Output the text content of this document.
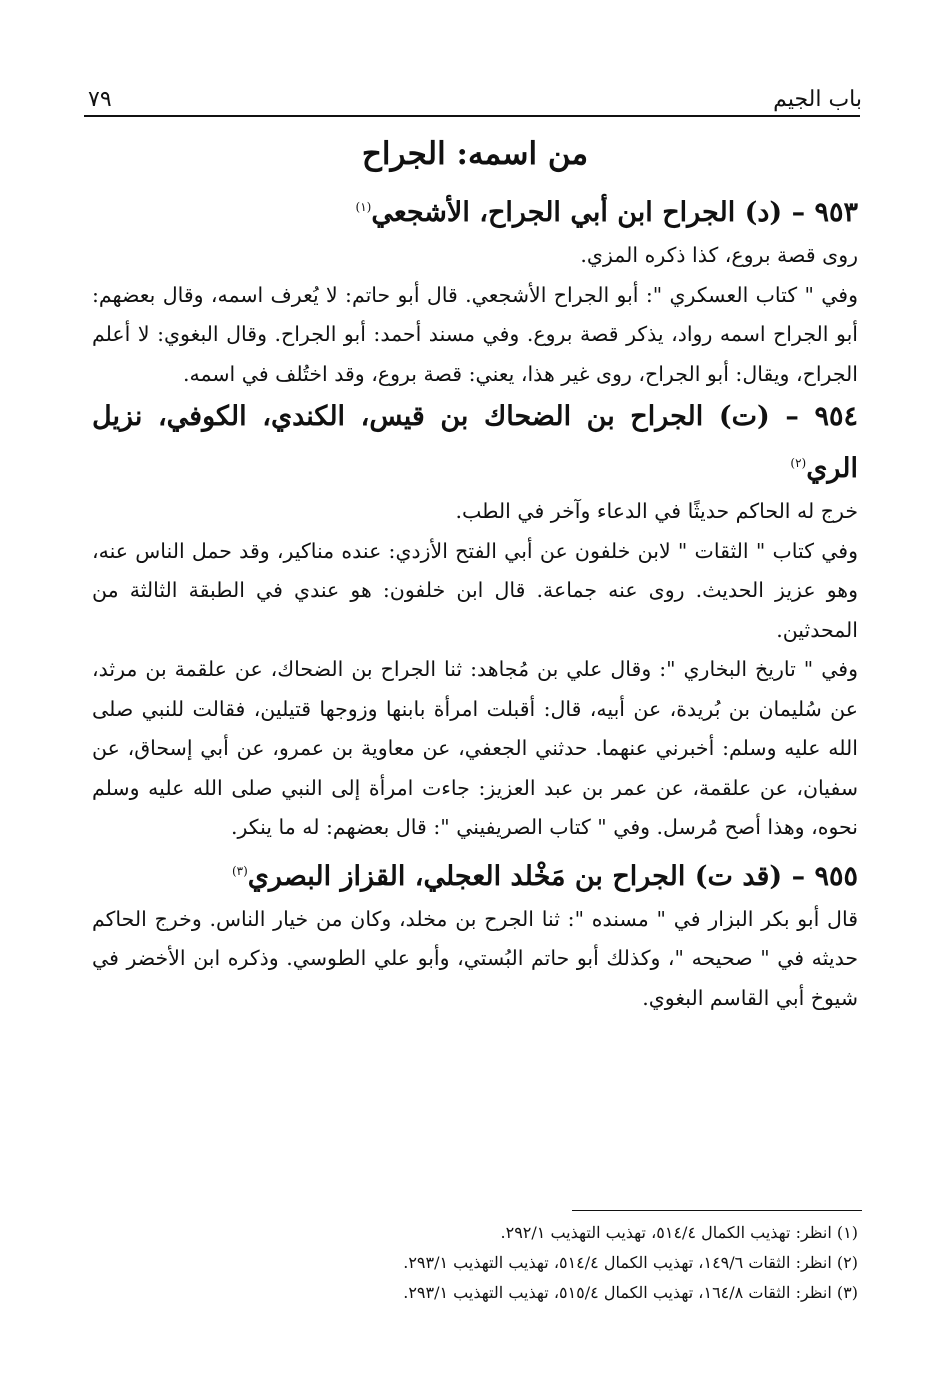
باب الجيم
٧٩
من اسمه: الجراح
٩٥٣ – (د) الجراح ابن أبي الجراح، الأشجعي$^{(١)}$

روى قصة بروع، كذا ذكره المزي.

وفي " كتاب العسكري ": أبو الجراح الأشجعي. قال أبو حاتم: لا يُعرف اسمه، وقال بعضهم: أبو الجراح اسمه رواد، يذكر قصة بروع. وفي مسند أحمد: أبو الجراح. وقال البغوي: لا أعلم الجراح، ويقال: أبو الجراح، روى غير هذا، يعني: قصة بروع، وقد اختُلف في اسمه.

٩٥٤ – (ت) الجراح بن الضحاك بن قيس، الكندي، الكوفي، نزيل الري$^{(٢)}$

خرج له الحاكم حديثًا في الدعاء وآخر في الطب.

وفي كتاب " الثقات " لابن خلفون عن أبي الفتح الأزدي: عنده مناكير، وقد حمل الناس عنه، وهو عزيز الحديث. روى عنه جماعة. قال ابن خلفون: هو عندي في الطبقة الثالثة من المحدثين.

وفي " تاريخ البخاري ": وقال علي بن مُجاهد: ثنا الجراح بن الضحاك، عن علقمة بن مرثد، عن سُليمان بن بُريدة، عن أبيه، قال: أقبلت امرأة بابنها وزوجها قتيلين، فقالت للنبي صلى الله عليه وسلم: أخبرني عنهما. حدثني الجعفي، عن معاوية بن عمرو، عن أبي إسحاق، عن سفيان، عن علقمة، عن عمر بن عبد العزيز: جاءت امرأة إلى النبي صلى الله عليه وسلم نحوه، وهذا أصح مُرسل. وفي " كتاب الصريفيني ": قال بعضهم: له ما ينكر.

٩٥٥ – (قد ت) الجراح بن مَخْلد العجلي، القزاز البصري$^{(٣)}$

قال أبو بكر البزار في " مسنده ": ثنا الجرح بن مخلد، وكان من خيار الناس. وخرج الحاكم حديثه في " صحيحه "، وكذلك أبو حاتم البُستي، وأبو علي الطوسي. وذكره ابن الأخضر في شيوخ أبي القاسم البغوي.

(١) انظر: تهذيب الكمال ٥١٤/٤، تهذيب التهذيب ٢٩٢/١.

(٢) انظر: الثقات ١٤٩/٦، تهذيب الكمال ٥١٤/٤، تهذيب التهذيب ٢٩٣/١.

(٣) انظر: الثقات ١٦٤/٨، تهذيب الكمال ٥١٥/٤، تهذيب التهذيب ٢٩٣/١.
